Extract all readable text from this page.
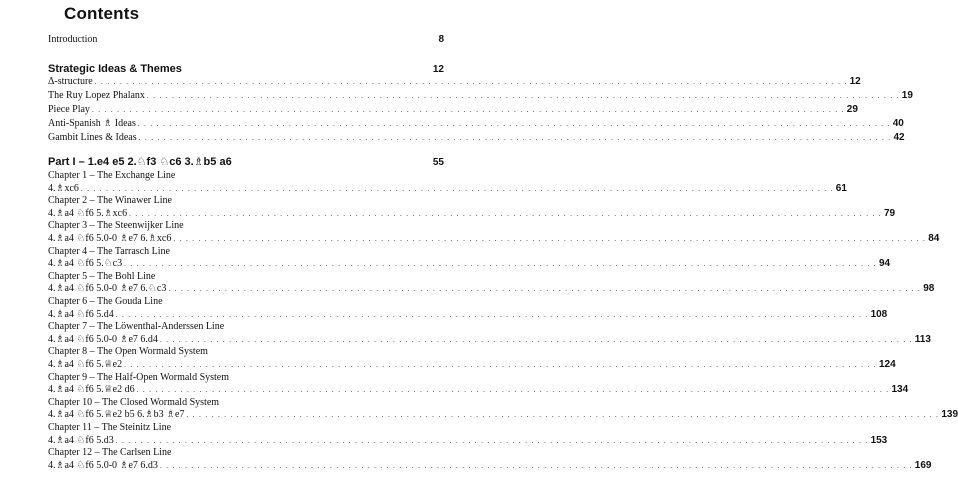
Contents
Introduction	8
Strategic Ideas & Themes	12
Δ-structure . . . . . . . . . . . . . . . . . . . . . . . . . . . . . . . . . . . . . . . . . . . . . . . . . . . . . . . . . . . . . . . . . . . . . . . . . . . . . . . . . . . . . . . . . . . . . . . . . . . . . . . . . . . . . . . . . . . . . . . . 12
The Ruy Lopez Phalanx . . . . . . . . . . . . . . . . . . . . . . . . . . . . . . . . . . . . . . . . . . . . . . . . . . . . . . . . . . . . . . . . . . . . . . . . . . . . . . . . . . . . . . . . . . . . . . . . . . . . . . . . . . . . . . . . . . . . . . . . 19
Piece Play . . . . . . . . . . . . . . . . . . . . . . . . . . . . . . . . . . . . . . . . . . . . . . . . . . . . . . . . . . . . . . . . . . . . . . . . . . . . . . . . . . . . . . . . . . . . . . . . . . . . . . . . . . . . . . . . . . . . . . . . 29
Anti-Spanish ♗ Ideas . . . . . . . . . . . . . . . . . . . . . . . . . . . . . . . . . . . . . . . . . . . . . . . . . . . . . . . . . . . . . . . . . . . . . . . . . . . . . . . . . . . . . . . . . . . . . . . . . . . . . . . . . . . . . . . . . . . . . . . . 40
Gambit Lines & Ideas . . . . . . . . . . . . . . . . . . . . . . . . . . . . . . . . . . . . . . . . . . . . . . . . . . . . . . . . . . . . . . . . . . . . . . . . . . . . . . . . . . . . . . . . . . . . . . . . . . . . . . . . . . . . . . . . . . . . . . . . 42
Part I – 1.e4 e5 2.♘f3 ♘c6 3.♗b5 a6	55
Chapter 1 – The Exchange Line
4.♗xc6 . . . . . . . . . . . . . . . . . . . . . . . . . . . . . . . . . . . . . . . . . . . . . . . . . . . . . . . . . . . . . . . . . . . . . . . . . . . . . . . . . . . . . . . . . . . . . . . . . . . . . . . . . . . . . . . . . . . . . . . . 61
Chapter 2 – The Winawer Line
4.♗a4 ♘f6 5.♗xc6 . . . . . . . . . . . . . . . . . . . . . . . . . . . . . . . . . . . . . . . . . . . . . . . . . . . . . . . . . . . . . . . . . . . . . . . . . . . . . . . . . . . . . . . . . . . . . . . . . . . . . . . . . . . . . . . . . . . . . . . . 79
Chapter 3 – The Steenwijker Line
4.♗a4 ♘f6 5.0-0 ♗e7 6.♗xc6 . . . . . . . . . . . . . . . . . . . . . . . . . . . . . . . . . . . . . . . . . . . . . . . . . . . . . . . . . . . . . . . . . . . . . . . . . . . . . . . . . . . . . . . . . . . . . . . . . . . . . . . . . . . . . . . . . . . . . . . . 84
Chapter 4 – The Tarrasch Line
4.♗a4 ♘f6 5.♘c3 . . . . . . . . . . . . . . . . . . . . . . . . . . . . . . . . . . . . . . . . . . . . . . . . . . . . . . . . . . . . . . . . . . . . . . . . . . . . . . . . . . . . . . . . . . . . . . . . . . . . . . . . . . . . . . . . . . . . . . . . 94
Chapter 5 – The Bohl Line
4.♗a4 ♘f6 5.0-0 ♗e7 6.♘c3 . . . . . . . . . . . . . . . . . . . . . . . . . . . . . . . . . . . . . . . . . . . . . . . . . . . . . . . . . . . . . . . . . . . . . . . . . . . . . . . . . . . . . . . . . . . . . . . . . . . . . . . . . . . . . . . . . . . . . . . . 98
Chapter 6 – The Gouda Line
4.♗a4 ♘f6 5.d4 . . . . . . . . . . . . . . . . . . . . . . . . . . . . . . . . . . . . . . . . . . . . . . . . . . . . . . . . . . . . . . . . . . . . . . . . . . . . . . . . . . . . . . . . . . . . . . . . . . . . . . . . . . . . . . . . . . . . . . . . 108
Chapter 7 – The Löwenthal-Anderssen Line
4.♗a4 ♘f6 5.0-0 ♗e7 6.d4 . . . . . . . . . . . . . . . . . . . . . . . . . . . . . . . . . . . . . . . . . . . . . . . . . . . . . . . . . . . . . . . . . . . . . . . . . . . . . . . . . . . . . . . . . . . . . . . . . . . . . . . . . . . . . . . . . . . . . . . . 113
Chapter 8 – The Open Wormald System
4.♗a4 ♘f6 5.♕e2 . . . . . . . . . . . . . . . . . . . . . . . . . . . . . . . . . . . . . . . . . . . . . . . . . . . . . . . . . . . . . . . . . . . . . . . . . . . . . . . . . . . . . . . . . . . . . . . . . . . . . . . . . . . . . . . . . . . . . . . . 124
Chapter 9 – The Half-Open Wormald System
4.♗a4 ♘f6 5.♕e2 d6 . . . . . . . . . . . . . . . . . . . . . . . . . . . . . . . . . . . . . . . . . . . . . . . . . . . . . . . . . . . . . . . . . . . . . . . . . . . . . . . . . . . . . . . . . . . . . . . . . . . . . . . . . . . . . . . . . . . . . . . . 134
Chapter 10 – The Closed Wormald System
4.♗a4 ♘f6 5.♕e2 b5 6.♗b3 ♗e7 . . . . . . . . . . . . . . . . . . . . . . . . . . . . . . . . . . . . . . . . . . . . . . . . . . . . . . . . . . . . . . . . . . . . . . . . . . . . . . . . . . . . . . . . . . . . . . . . . . . . . . . . . . . . . . . . . . . . . . . . 139
Chapter 11 – The Steinitz Line
4.♗a4 ♘f6 5.d3 . . . . . . . . . . . . . . . . . . . . . . . . . . . . . . . . . . . . . . . . . . . . . . . . . . . . . . . . . . . . . . . . . . . . . . . . . . . . . . . . . . . . . . . . . . . . . . . . . . . . . . . . . . . . . . . . . . . . . . . . 153
Chapter 12 – The Carlsen Line
4.♗a4 ♘f6 5.0-0 ♗e7 6.d3 . . . . . . . . . . . . . . . . . . . . . . . . . . . . . . . . . . . . . . . . . . . . . . . . . . . . . . . . . . . . . . . . . . . . . . . . . . . . . . . . . . . . . . . . . . . . . . . . . . . . . . . . . . . . . . . . . . . . . . . . 169
